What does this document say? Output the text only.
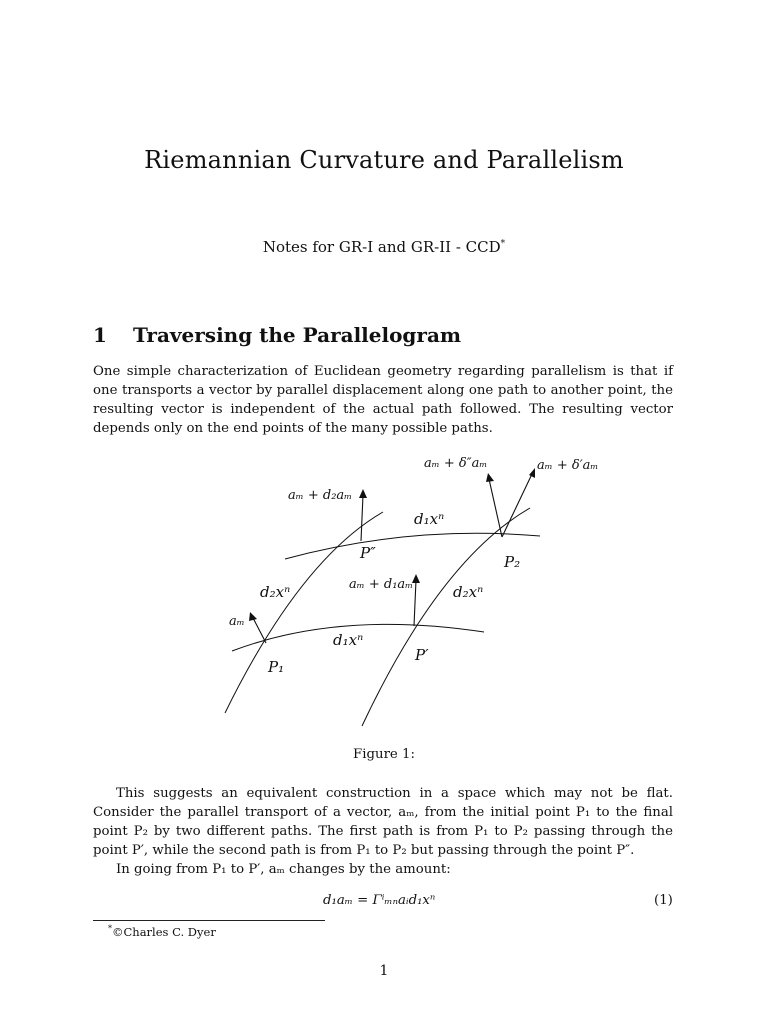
Riemannian Curvature and Parallelism
Notes for GR-I and GR-II - CCD*
1 Traversing the Parallelogram
One simple characterization of Euclidean geometry regarding parallelism is that if one transports a vector by parallel displacement along one path to another point, the resulting vector is independent of the actual path followed. The resulting vector depends only on the end points of the many possible paths.
aₘ
aₘ + d₂aₘ
aₘ + d₁aₘ
aₘ + δ″aₘ	aₘ + δ′aₘ
d₁xⁿ
d₁xⁿ
d₂xⁿ	d₂xⁿ
P₁
P₂
P′
P″
Figure 1:
This suggests an equivalent construction in a space which may not be flat. Consider the parallel transport of a vector, aₘ, from the initial point P₁ to the final point P₂ by two different paths. The first path is from P₁ to P₂ passing through the point P′, while the second path is from P₁ to P₂ but passing through the point P″.
In going from P₁ to P′, aₘ changes by the amount:
d₁aₘ = Γⁱₘₙaᵢd₁xⁿ	(1)
*©Charles C. Dyer
1
